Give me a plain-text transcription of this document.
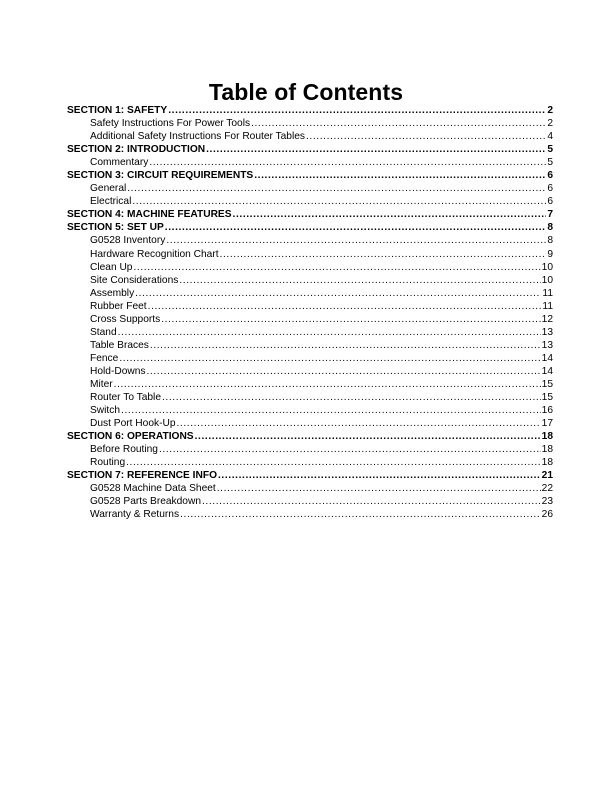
Table of Contents
SECTION 1: SAFETY .....	2
Safety Instructions For Power Tools .....	2
Additional Safety Instructions For Router Tables .....	4
SECTION 2: INTRODUCTION .....	5
Commentary .....	5
SECTION 3: CIRCUIT REQUIREMENTS .....	6
General .....	6
Electrical .....	6
SECTION 4: MACHINE FEATURES .....	7
SECTION 5: SET UP .....	8
G0528 Inventory .....	8
Hardware Recognition Chart .....	9
Clean Up .....	10
Site Considerations .....	10
Assembly .....	11
Rubber Feet .....	11
Cross Supports .....	12
Stand .....	13
Table Braces .....	13
Fence .....	14
Hold-Downs .....	14
Miter .....	15
Router To Table .....	15
Switch .....	16
Dust Port Hook-Up .....	17
SECTION 6: OPERATIONS .....	18
Before Routing .....	18
Routing .....	18
SECTION 7: REFERENCE INFO .....	21
G0528 Machine Data Sheet .....	22
G0528 Parts Breakdown .....	23
Warranty & Returns .....	26
